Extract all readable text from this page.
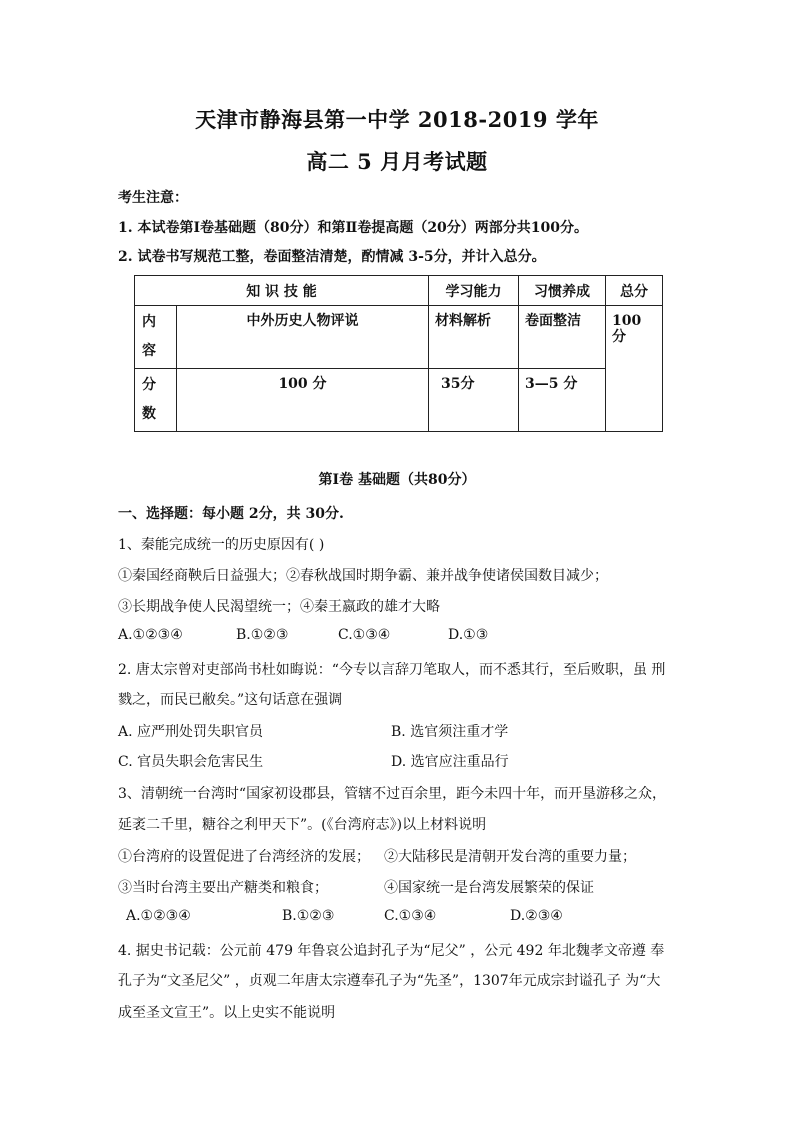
天津市静海县第一中学 2018-2019 学年
高二 5 月月考试题
考生注意：
1. 本试卷第Ⅰ卷基础题（80分）和第Ⅱ卷提高题（20分）两部分共100分。
2. 试卷书写规范工整，卷面整洁清楚，酌情减 3-5分，并计入总分。
知 识 技 能		学习能力	习惯养成	总分

内容	中外历史人物评说	材料解析	卷面整洁	100 分

分数	100 分	35分	3—5 分	
第Ⅰ卷 基础题（共80分）
一、选择题：每小题 2分，共 30分.
1、秦能完成统一的历史原因有( )
①秦国经商鞅后日益强大；②春秋战国时期争霸、兼并战争使诸侯国数目减少；
③长期战争使人民渴望统一；④秦王嬴政的雄才大略
A.①②③④	B.①②③	C.①③④	D.①③
2. 唐太宗曾对吏部尚书杜如晦说：“今专以言辞刀笔取人，而不悉其行，至后败职，虽 刑
戮之，而民已敝矣。”这句话意在强调
A. 应严刑处罚失职官员	B. 选官须注重才学
C. 官员失职会危害民生	D. 选官应注重品行
3、清朝统一台湾时“国家初设郡县，管辖不过百余里，距今未四十年，而开垦游移之众，
延袤二千里，糖谷之利甲天下”。(《台湾府志》)以上材料说明
①台湾府的设置促进了台湾经济的发展； ②大陆移民是清朝开发台湾的重要力量；
③当时台湾主要出产糖类和粮食；	④国家统一是台湾发展繁荣的保证
A.①②③④	B.①②③	C.①③④	D.②③④
4. 据史书记载：公元前 479 年鲁哀公追封孔子为“尼父” ，公元 492 年北魏孝文帝遵 奉
孔子为“文圣尼父” ，贞观二年唐太宗遵奉孔子为“先圣”，1307年元成宗封谥孔子 为“大
成至圣文宣王”。以上史实不能说明
